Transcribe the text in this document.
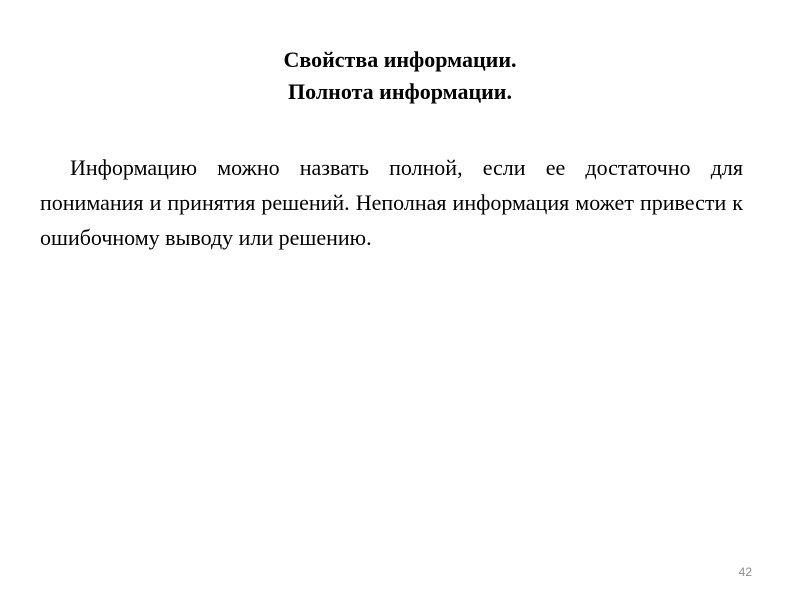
Свойства информации.
Полнота информации.

Информацию можно назвать полной, если ее достаточно для понимания и принятия решений. Неполная информация может привести к ошибочному выводу или решению.

42
